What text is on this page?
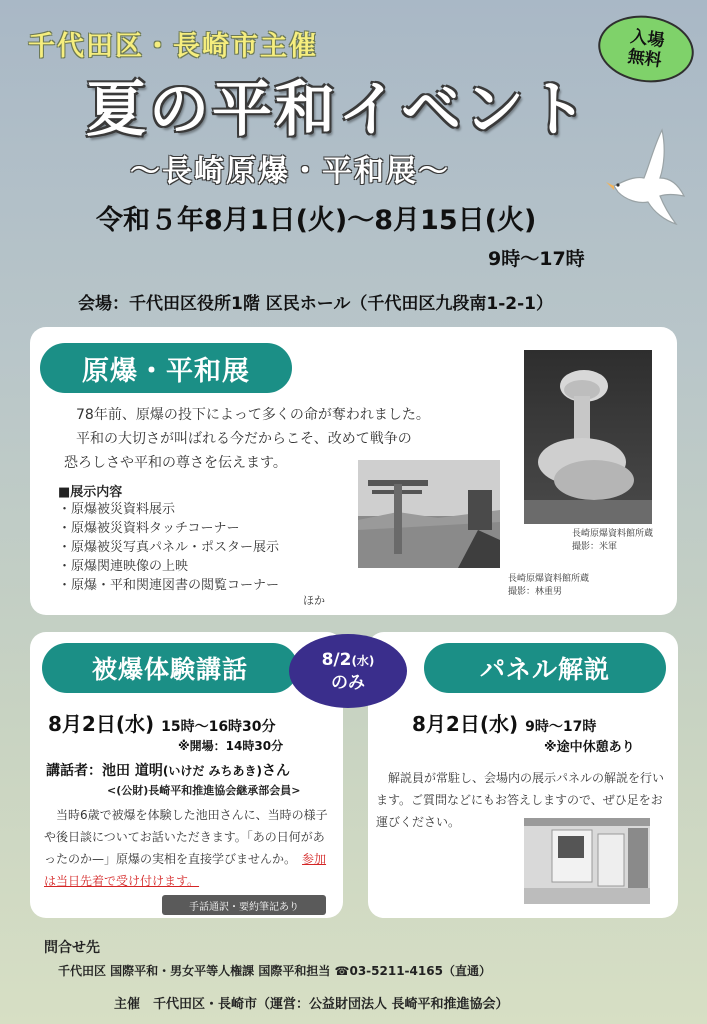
千代田区・長崎市主催
夏の平和イベント
〜長崎原爆・平和展〜
入場
無料
令和５年8月1日(火)〜8月15日(火)
9時〜17時
会場：千代田区役所1階 区民ホール（千代田区九段南1-2-1）
原爆・平和展

78年前、原爆の投下によって多くの命が奪われました。

平和の大切さが叫ばれる今だからこそ、改めて戦争の

恐ろしさや平和の尊さを伝えます。

■展示内容
・原爆被災資料展示
・原爆被災資料タッチコーナー
・原爆被災写真パネル・ポスター展示
・原爆関連映像の上映
・原爆・平和関連図書の閲覧コーナー
ほか
長崎原爆資料館所蔵
撮影：米軍
長崎原爆資料館所蔵
撮影：林重男
被爆体験講話	パネル解説
8/2(水)
のみ
8月2日(水) 15時〜16時30分
※開場：14時30分
講話者：池田 道明(いけだ みちあき)さん
<(公財)長崎平和推進協会継承部会員>

　当時6歳で被爆を体験した池田さんに、当時の様子や後日談についてお話いただきます。「あの日何があったのか—」原爆の実相を直接学びませんか。　 参加は当日先着で受け付けます。

手話通訳・要約筆記あり
8月2日(水) 9時〜17時
※途中休憩あり

　解説員が常駐し、会場内の展示パネルの解説を行います。ご質問などにもお答えしますので、ぜひ足をお運びください。

問合せ先
千代田区 国際平和・男女平等人権課 国際平和担当 ☎03-5211-4165（直通）
主催　千代田区・長崎市（運営：公益財団法人 長崎平和推進協会）
